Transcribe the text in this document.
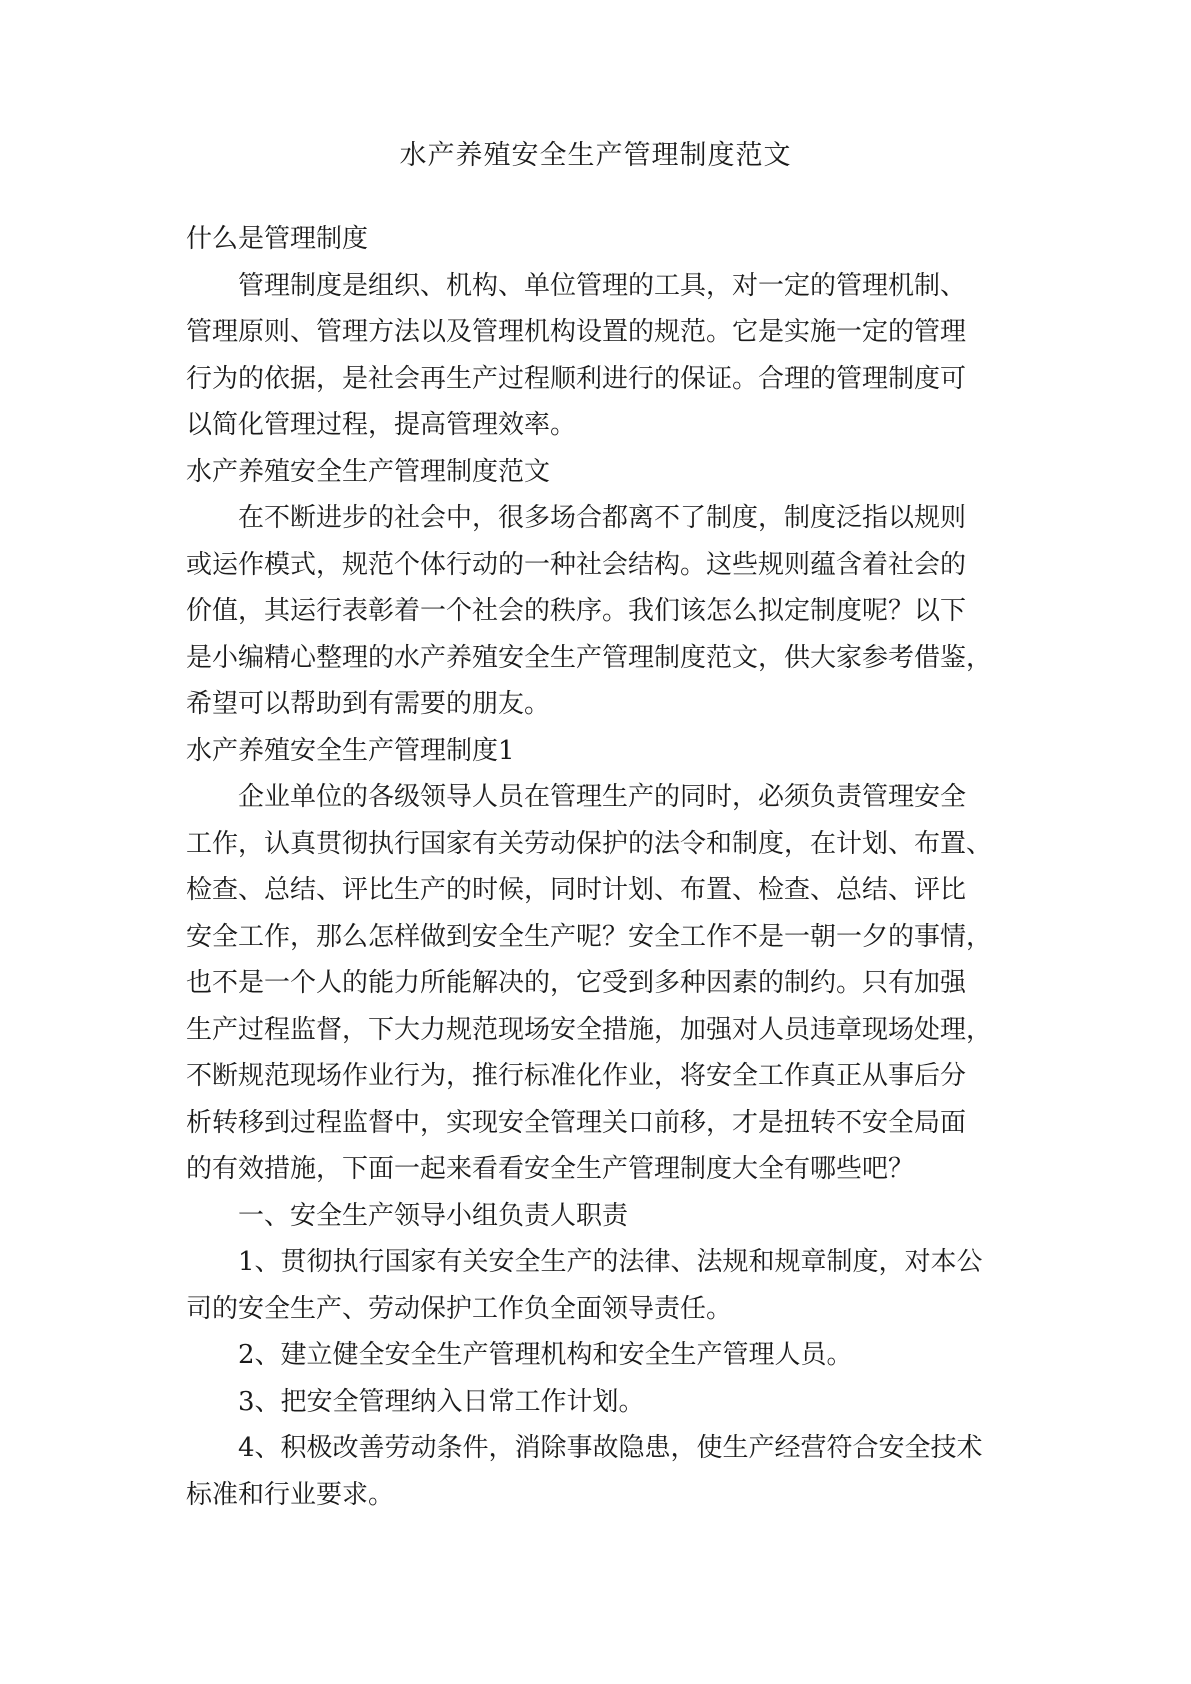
水产养殖安全生产管理制度范文
什么是管理制度
管理制度是组织、机构、单位管理的工具，对一定的管理机制、
管理原则、管理方法以及管理机构设置的规范。它是实施一定的管理
行为的依据，是社会再生产过程顺利进行的保证。合理的管理制度可
以简化管理过程，提高管理效率。
水产养殖安全生产管理制度范文
在不断进步的社会中，很多场合都离不了制度，制度泛指以规则
或运作模式，规范个体行动的一种社会结构。这些规则蕴含着社会的
价值，其运行表彰着一个社会的秩序。我们该怎么拟定制度呢？以下
是小编精心整理的水产养殖安全生产管理制度范文，供大家参考借鉴，
希望可以帮助到有需要的朋友。
水产养殖安全生产管理制度1
企业单位的各级领导人员在管理生产的同时，必须负责管理安全
工作，认真贯彻执行国家有关劳动保护的法令和制度，在计划、布置、
检查、总结、评比生产的时候，同时计划、布置、检查、总结、评比
安全工作，那么怎样做到安全生产呢？安全工作不是一朝一夕的事情，
也不是一个人的能力所能解决的，它受到多种因素的制约。只有加强
生产过程监督，下大力规范现场安全措施，加强对人员违章现场处理，
不断规范现场作业行为，推行标准化作业，将安全工作真正从事后分
析转移到过程监督中，实现安全管理关口前移，才是扭转不安全局面
的有效措施，下面一起来看看安全生产管理制度大全有哪些吧？
一、安全生产领导小组负责人职责
1、贯彻执行国家有关安全生产的法律、法规和规章制度，对本公
司的安全生产、劳动保护工作负全面领导责任。
2、建立健全安全生产管理机构和安全生产管理人员。
3、把安全管理纳入日常工作计划。
4、积极改善劳动条件，消除事故隐患，使生产经营符合安全技术
标准和行业要求。
